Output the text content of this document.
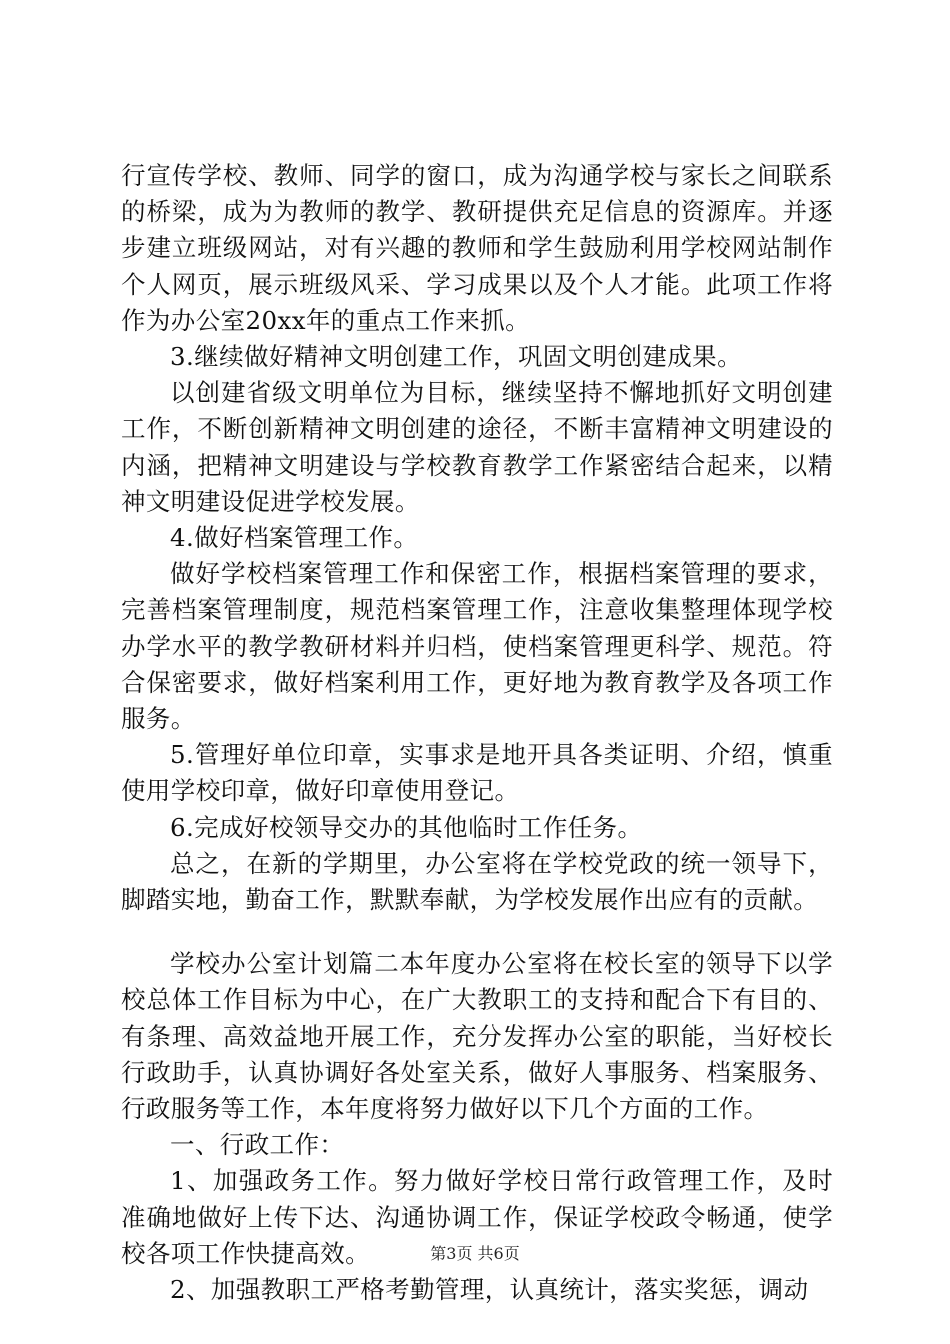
行宣传学校、教师、同学的窗口，成为沟通学校与家长之间联系的桥梁，成为为教师的教学、教研提供充足信息的资源库。并逐步建立班级网站，对有兴趣的教师和学生鼓励利用学校网站制作个人网页，展示班级风采、学习成果以及个人才能。此项工作将作为办公室20xx年的重点工作来抓。

3.继续做好精神文明创建工作，巩固文明创建成果。

以创建省级文明单位为目标，继续坚持不懈地抓好文明创建工作，不断创新精神文明创建的途径，不断丰富精神文明建设的内涵，把精神文明建设与学校教育教学工作紧密结合起来，以精神文明建设促进学校发展。

4.做好档案管理工作。

做好学校档案管理工作和保密工作，根据档案管理的要求，完善档案管理制度，规范档案管理工作，注意收集整理体现学校办学水平的教学教研材料并归档，使档案管理更科学、规范。符合保密要求，做好档案利用工作，更好地为教育教学及各项工作服务。

5.管理好单位印章，实事求是地开具各类证明、介绍，慎重使用学校印章，做好印章使用登记。

6.完成好校领导交办的其他临时工作任务。

总之，在新的学期里，办公室将在学校党政的统一领导下，脚踏实地，勤奋工作，默默奉献，为学校发展作出应有的贡献。

学校办公室计划篇二本年度办公室将在校长室的领导下以学校总体工作目标为中心，在广大教职工的支持和配合下有目的、有条理、高效益地开展工作，充分发挥办公室的职能，当好校长行政助手，认真协调好各处室关系，做好人事服务、档案服务、行政服务等工作，本年度将努力做好以下几个方面的工作。

一、行政工作：

1、加强政务工作。努力做好学校日常行政管理工作，及时准确地做好上传下达、沟通协调工作，保证学校政令畅通，使学校各项工作快捷高效。

2、加强教职工严格考勤管理，认真统计，落实奖惩，调动

第3页 共6页
